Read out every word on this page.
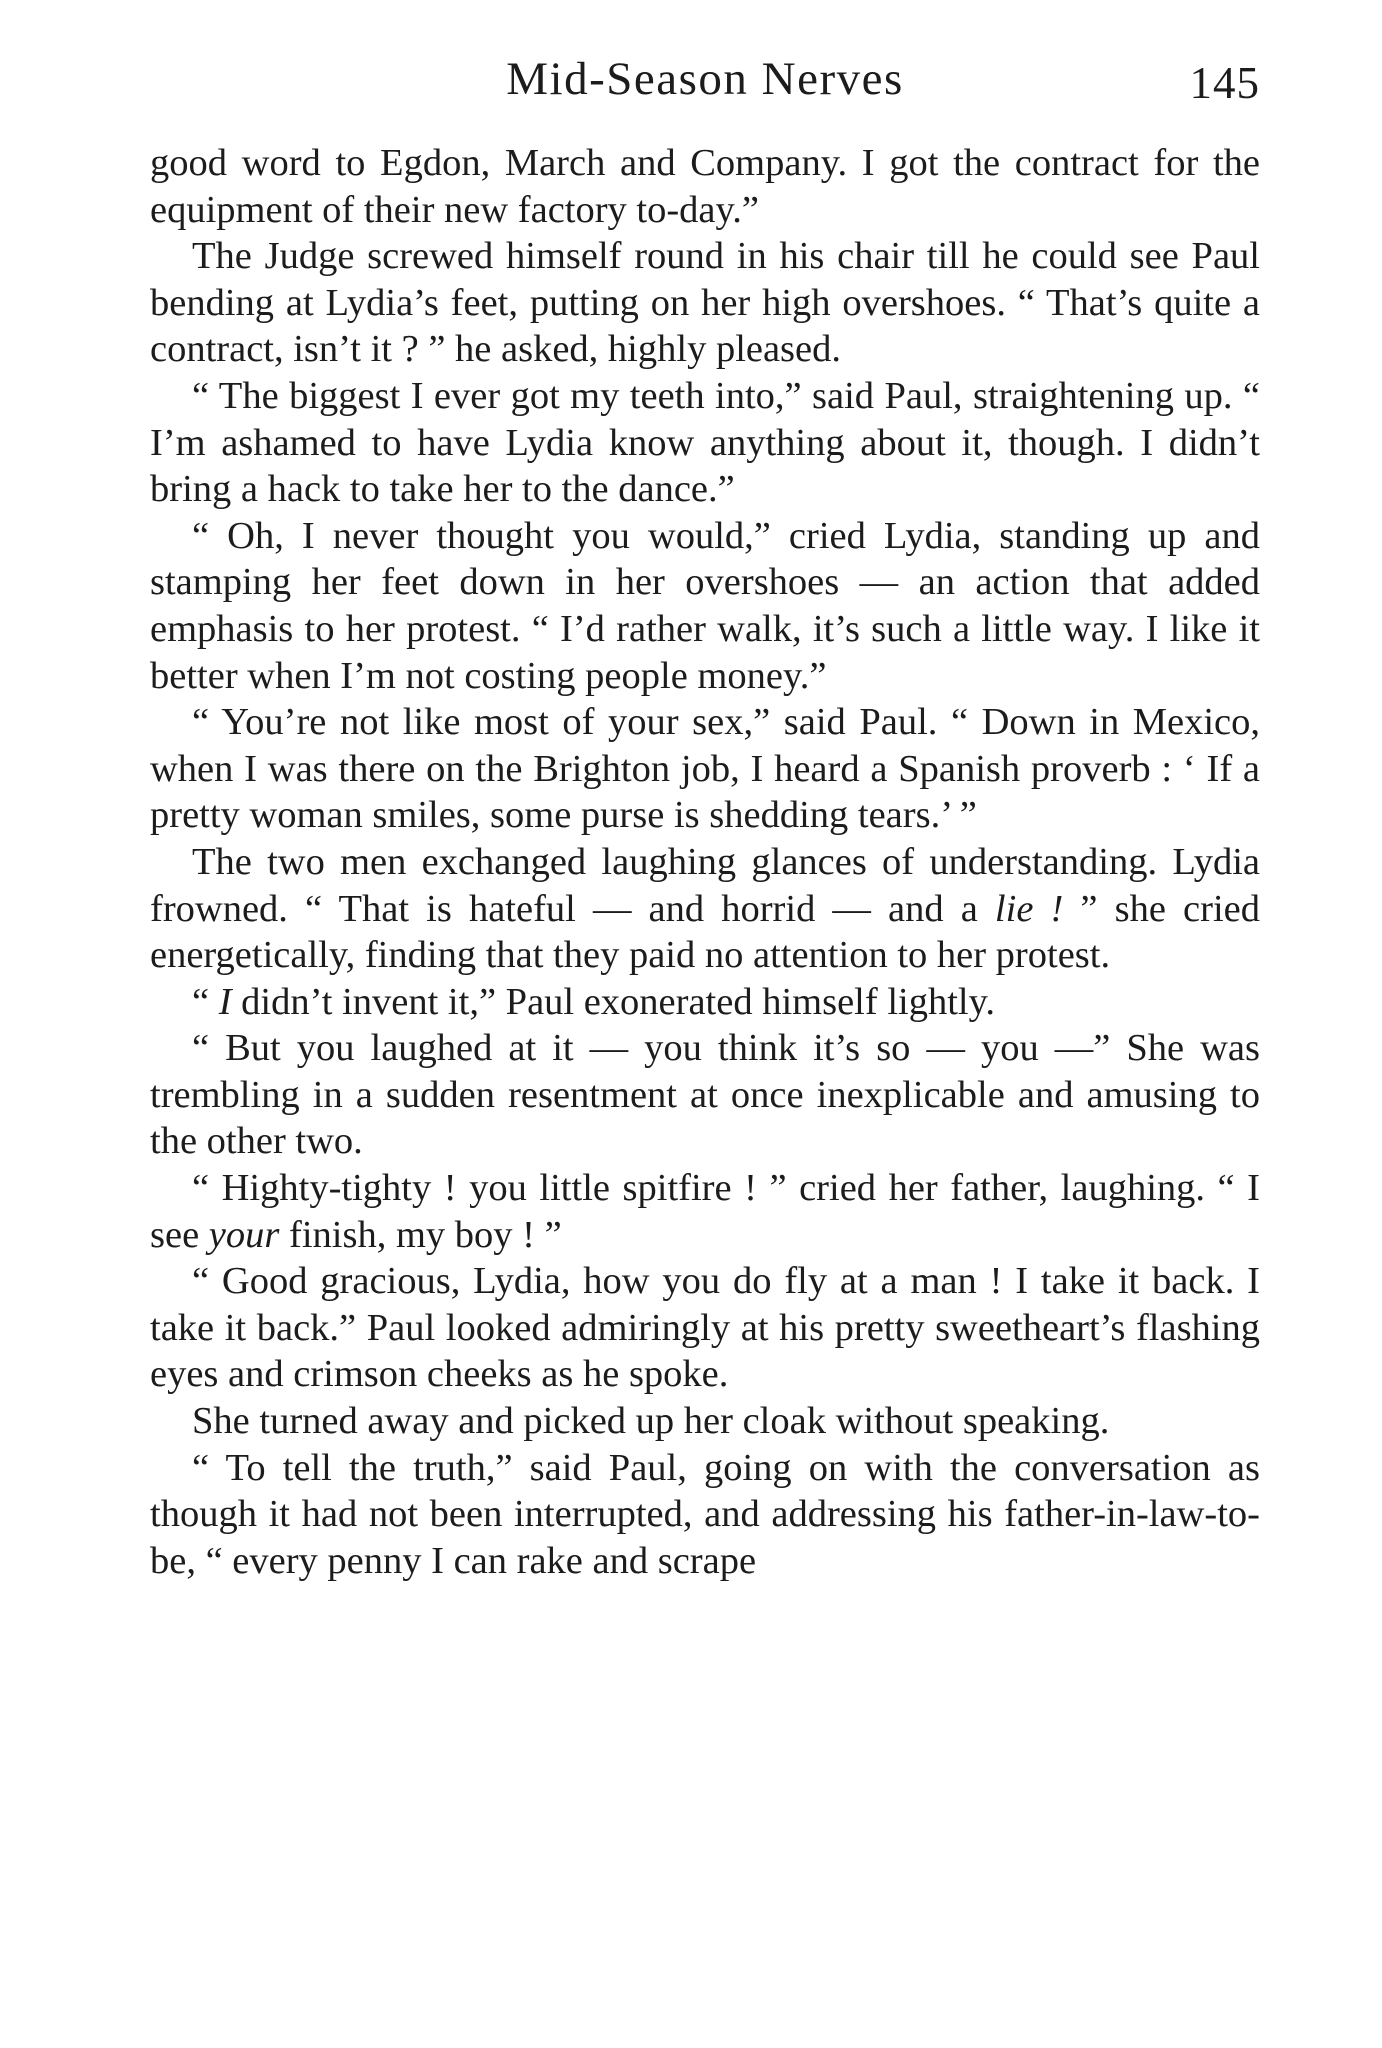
Mid-Season Nerves	145

good word to Egdon, March and Company. I got the contract for the equipment of their new factory to-day.”

The Judge screwed himself round in his chair till he could see Paul bending at Lydia’s feet, putting on her high overshoes. “ That’s quite a contract, isn’t it ? ” he asked, highly pleased.

“ The biggest I ever got my teeth into,” said Paul, straightening up. “ I’m ashamed to have Lydia know anything about it, though. I didn’t bring a hack to take her to the dance.”

“ Oh, I never thought you would,” cried Lydia, standing up and stamping her feet down in her overshoes — an action that added emphasis to her protest. “ I’d rather walk, it’s such a little way. I like it better when I’m not costing people money.”

“ You’re not like most of your sex,” said Paul. “ Down in Mexico, when I was there on the Brighton job, I heard a Spanish proverb : ‘ If a pretty woman smiles, some purse is shedding tears.’ ”

The two men exchanged laughing glances of understanding. Lydia frowned. “ That is hateful — and horrid — and a lie ! ” she cried energetically, finding that they paid no attention to her protest.

“ I didn’t invent it,” Paul exonerated himself lightly.

“ But you laughed at it — you think it’s so — you —” She was trembling in a sudden resentment at once inexplicable and amusing to the other two.

“ Highty-tighty ! you little spitfire ! ” cried her father, laughing. “ I see your finish, my boy ! ”

“ Good gracious, Lydia, how you do fly at a man ! I take it back. I take it back.” Paul looked admiringly at his pretty sweetheart’s flashing eyes and crimson cheeks as he spoke.

She turned away and picked up her cloak without speaking.

“ To tell the truth,” said Paul, going on with the conversation as though it had not been interrupted, and addressing his father-in-law-to-be, “ every penny I can rake and scrape
